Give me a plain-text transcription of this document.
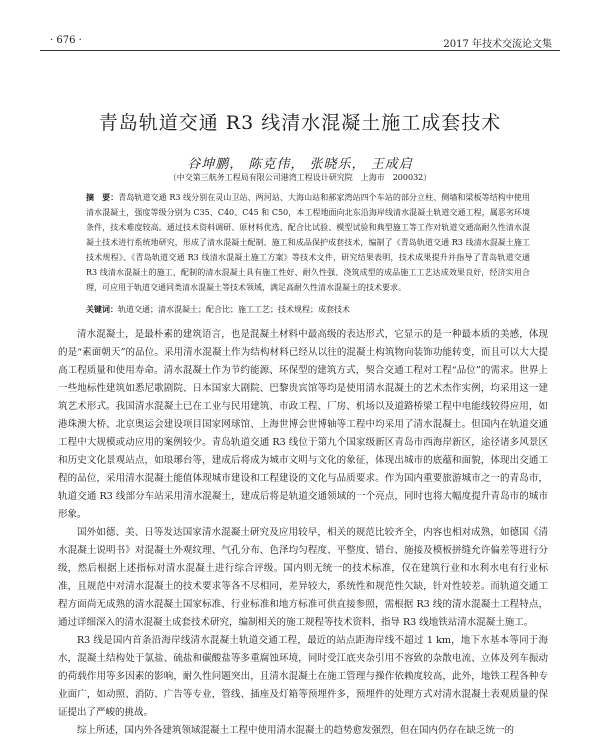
· 676 ·	2017 年技术交流论文集
青岛轨道交通 R3 线清水混凝土施工成套技术
谷坤鹏， 陈克伟， 张晓乐， 王成启
（中交第三航务工程局有限公司港湾工程设计研究院　上海市　200032）
摘　要：青岛轨道交通 R3 线分别在灵山卫站、两河站、大海山站和郝家湾站四个车站的部分立柱、侧墙和梁板等结构中使用清水混凝土，强度等级分别为 C35、C40、C45 和 C50，本工程地面向北东沿海岸线清水混凝土轨道交通工程，属恶劣环境条件，技术难度较高。通过技术资料调研、原材料优选、配合比试验、模型试验和典型施工等工作对轨道交通高耐久性清水混凝土技术进行系统地研究，形成了清水混凝土配制、施工和成品保护成套技术，编制了《青岛轨道交通 R3 线清水混凝土施工技术规程》、《青岛轨道交通 R3 线清水混凝土施工方案》等技术文件，研究结果表明，技术成果提升并指导了青岛轨道交通 R3 线清水混凝土的施工，配制的清水混凝土具有施工性好、耐久性强、浇筑成型的成品施工工艺达成效果良好，经济实用合理，可应用于轨道交通同类清水混凝土等技术领域，满足高耐久性清水混凝土的技术要求。
关键词：轨道交通；清水混凝土；配合比；施工工艺；技术规程；成套技术

清水混凝土，是最朴素的建筑语言，也是混凝土材料中最高级的表达形式，它显示的是一种最本质的美感，体现的是“素面朝天”的品位。采用清水混凝土作为结构材料已经从以往的混凝土构筑物向装饰功能转变，而且可以大大提高工程质量和使用寿命。清水混凝土作为节约能源、环保型的建筑方式，契合交通工程对工程“品位”的需求。世界上一些地标性建筑如悉尼歌剧院、日本国家大剧院、巴黎贵宾馆等均是使用清水混凝土的艺术杰作实例，均采用这一建筑艺术形式。我国清水混凝土已在工业与民用建筑、市政工程、厂房、机场以及道路桥梁工程中电能线较得应用，如港珠澳大桥、北京奥运会建设项目国家网球馆、上海世博会世博轴等工程中均采用了清水混凝土。但国内在轨道交通工程中大规模或动应用的案例较少。青岛轨道交通 R3 线位于第九个国家级新区青岛市西海岸新区，途径诸多风景区和历史文化景观站点，如琅琊台等，建成后将成为城市文明与文化的象征，体现出城市的底蕴和面貌，体现出交通工程的品位，采用清水混凝土能值体现城市建设和工程建设的文化与品质要求。作为国内重要旅游城市之一的青岛市，轨道交通 R3 线部分车站采用清水混凝土，建成后将是轨道交通领域的一个亮点，同时也将大幅度提升青岛市的城市形象。

国外如德、美、日等发达国家清水混凝土研究及应用较早，相关的规范比较齐全，内容也相对成熟，如德国《清水混凝土说明书》对混凝土外观纹理、气孔分布、色泽均匀程度、平整度、错台、施接及模板拼缝允许偏差等进行分级，然后根据上述指标对清水混凝土进行综合评级。国内则无统一的技术标准，仅在建筑行业和水利水电有行业标准，且规范中对清水混凝土的技术要求等各不尽相同，差异较大，系统性和规范性欠缺，针对性较差。而轨道交通工程方面尚无成熟的清水混凝土国家标准、行业标准和地方标准可供直接参照，需根据 R3 线的清水混凝土工程特点，通过详细深入的清水混凝土成套技术研究，编制相关的施工规程等技术资料，指导 R3 线地铁站清水混凝土施工。

R3 线是国内首条沿海岸线清水混凝土轨道交通工程，最近的站点距海岸线不超过 1 km，地下水基本等同于海水，混凝土结构处于氯盐、硫盐和碳酸盐等多重腐蚀环境，同时受江底夹杂引用不容致的杂散电流、立体及列车振动的荷载作用等多因素的影响，耐久性问题突出，且清水混凝土在施工管理与操作依赖度较高，此外，地铁工程各种专业面广，如动照、消防、广告等专业，管线、插座及灯箱等预埋件多，预埋件的处理方式对清水混凝土表观质量的保证提出了严峻的挑战。

综上所述，国内外各建筑领域混凝土工程中使用清水混凝土的趋势愈发强烈，但在国内仍存在缺乏统一的
